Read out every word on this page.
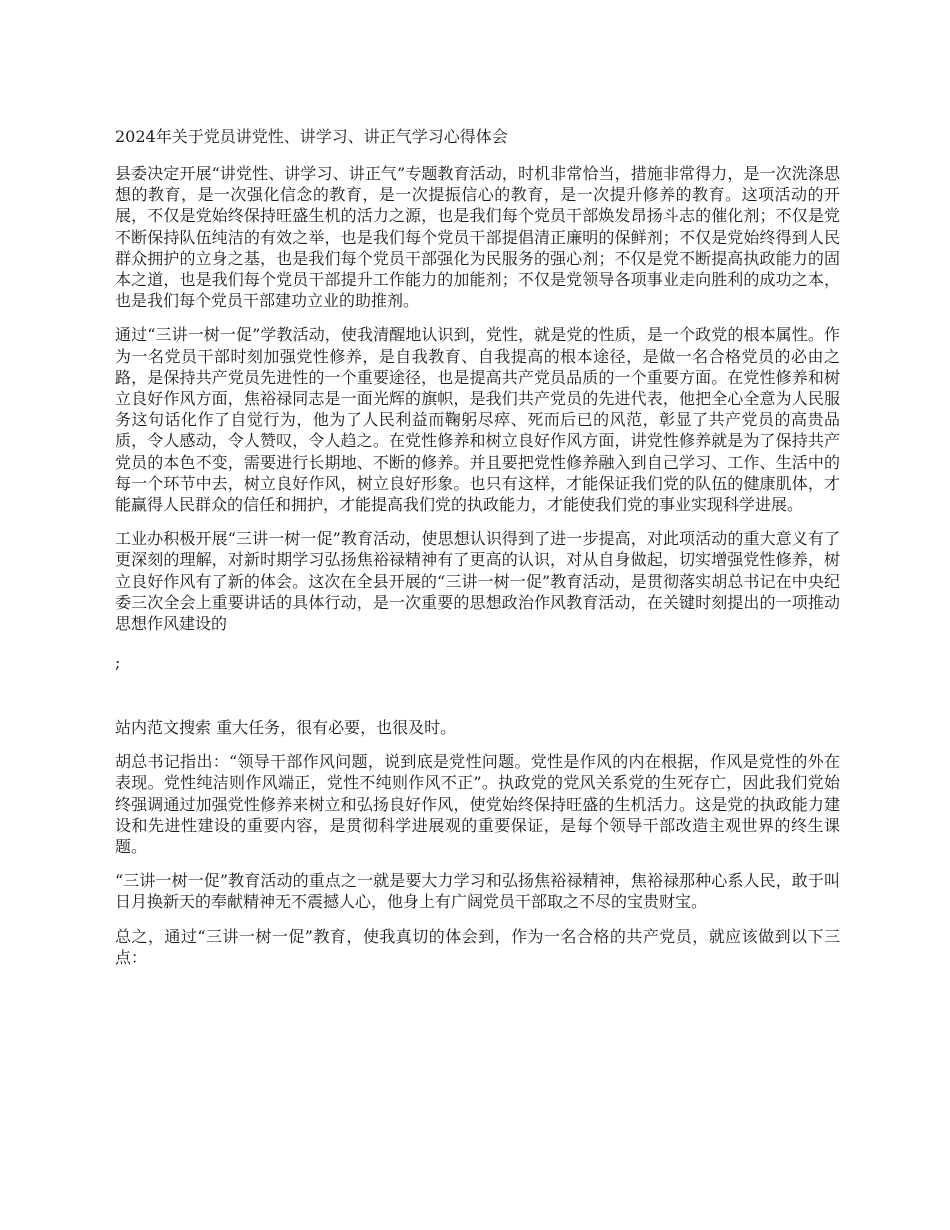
2024年关于党员讲党性、讲学习、讲正气学习心得体会

县委决定开展“讲党性、讲学习、讲正气”专题教育活动，时机非常恰当，措施非常得力，是一次洗涤思想的教育，是一次强化信念的教育，是一次提振信心的教育，是一次提升修养的教育。这项活动的开展，不仅是党始终保持旺盛生机的活力之源，也是我们每个党员干部焕发昂扬斗志的催化剂；不仅是党不断保持队伍纯洁的有效之举，也是我们每个党员干部提倡清正廉明的保鲜剂；不仅是党始终得到人民群众拥护的立身之基，也是我们每个党员干部强化为民服务的强心剂；不仅是党不断提高执政能力的固本之道，也是我们每个党员干部提升工作能力的加能剂；不仅是党领导各项事业走向胜利的成功之本，也是我们每个党员干部建功立业的助推剂。

通过“三讲一树一促”学教活动，使我清醒地认识到，党性，就是党的性质，是一个政党的根本属性。作为一名党员干部时刻加强党性修养，是自我教育、自我提高的根本途径，是做一名合格党员的必由之路，是保持共产党员先进性的一个重要途径，也是提高共产党员品质的一个重要方面。在党性修养和树立良好作风方面，焦裕禄同志是一面光辉的旗帜，是我们共产党员的先进代表，他把全心全意为人民服务这句话化作了自觉行为，他为了人民利益而鞠躬尽瘁、死而后已的风范，彰显了共产党员的高贵品质，令人感动，令人赞叹，令人趋之。在党性修养和树立良好作风方面，讲党性修养就是为了保持共产党员的本色不变，需要进行长期地、不断的修养。并且要把党性修养融入到自己学习、工作、生活中的每一个环节中去，树立良好作风，树立良好形象。也只有这样，才能保证我们党的队伍的健康肌体，才能赢得人民群众的信任和拥护，才能提高我们党的执政能力，才能使我们党的事业实现科学进展。

工业办积极开展“三讲一树一促”教育活动，使思想认识得到了进一步提高，对此项活动的重大意义有了更深刻的理解，对新时期学习弘扬焦裕禄精神有了更高的认识，对从自身做起，切实增强党性修养，树立良好作风有了新的体会。这次在全县开展的“三讲一树一促”教育活动，是贯彻落实胡总书记在中央纪委三次全会上重要讲话的具体行动，是一次重要的思想政治作风教育活动，在关键时刻提出的一项推动思想作风建设的

;
站内范文搜索 重大任务，很有必要，也很及时。

胡总书记指出：“领导干部作风问题，说到底是党性问题。党性是作风的内在根据，作风是党性的外在表现。党性纯洁则作风端正，党性不纯则作风不正”。执政党的党风关系党的生死存亡，因此我们党始终强调通过加强党性修养来树立和弘扬良好作风，使党始终保持旺盛的生机活力。这是党的执政能力建设和先进性建设的重要内容，是贯彻科学进展观的重要保证，是每个领导干部改造主观世界的终生课题。

“三讲一树一促”教育活动的重点之一就是要大力学习和弘扬焦裕禄精神，焦裕禄那种心系人民，敢于叫日月换新天的奉献精神无不震撼人心，他身上有广阔党员干部取之不尽的宝贵财宝。

总之，通过“三讲一树一促”教育，使我真切的体会到，作为一名合格的共产党员，就应该做到以下三点：
